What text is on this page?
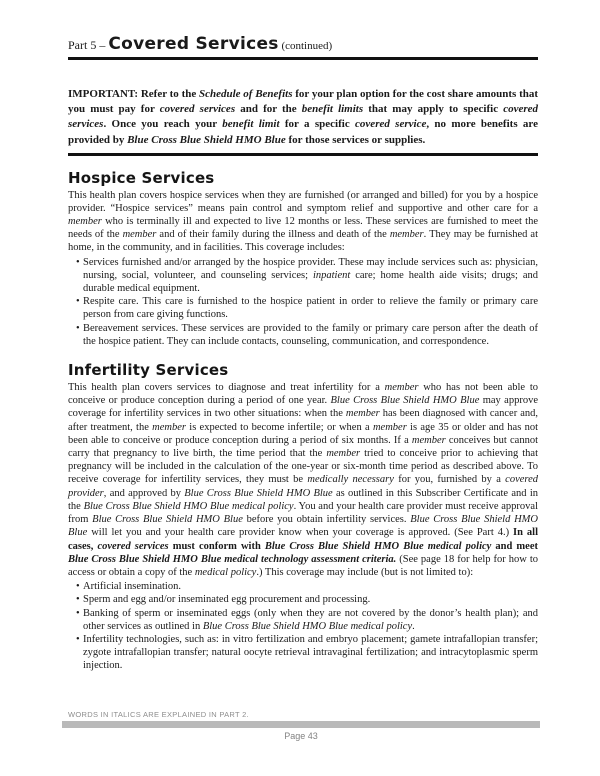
Part 5 – Covered Services (continued)

IMPORTANT: Refer to the Schedule of Benefits for your plan option for the cost share amounts that you must pay for covered services and for the benefit limits that may apply to specific covered services. Once you reach your benefit limit for a specific covered service, no more benefits are provided by Blue Cross Blue Shield HMO Blue for those services or supplies.

Hospice Services

This health plan covers hospice services when they are furnished (or arranged and billed) for you by a hospice provider. “Hospice services” means pain control and symptom relief and supportive and other care for a member who is terminally ill and expected to live 12 months or less. These services are furnished to meet the needs of the member and of their family during the illness and death of the member. They may be furnished at home, in the community, and in facilities. This coverage includes:

• Services furnished and/or arranged by the hospice provider. These may include services such as: physician, nursing, social, volunteer, and counseling services; inpatient care; home health aide visits; drugs; and durable medical equipment.
• Respite care. This care is furnished to the hospice patient in order to relieve the family or primary care person from care giving functions.
• Bereavement services. These services are provided to the family or primary care person after the death of the hospice patient. They can include contacts, counseling, communication, and correspondence.
Infertility Services

This health plan covers services to diagnose and treat infertility for a member who has not been able to conceive or produce conception during a period of one year. Blue Cross Blue Shield HMO Blue may approve coverage for infertility services in two other situations: when the member has been diagnosed with cancer and, after treatment, the member is expected to become infertile; or when a member is age 35 or older and has not been able to conceive or produce conception during a period of six months. If a member conceives but cannot carry that pregnancy to live birth, the time period that the member tried to conceive prior to achieving that pregnancy will be included in the calculation of the one-year or six-month time period as described above. To receive coverage for infertility services, they must be medically necessary for you, furnished by a covered provider, and approved by Blue Cross Blue Shield HMO Blue as outlined in this Subscriber Certificate and in the Blue Cross Blue Shield HMO Blue medical policy. You and your health care provider must receive approval from Blue Cross Blue Shield HMO Blue before you obtain infertility services. Blue Cross Blue Shield HMO Blue will let you and your health care provider know when your coverage is approved. (See Part 4.) In all cases, covered services must conform with Blue Cross Blue Shield HMO Blue medical policy and meet Blue Cross Blue Shield HMO Blue medical technology assessment criteria. (See page 18 for help for how to access or obtain a copy of the medical policy.) This coverage may include (but is not limited to):

• Artificial insemination.
• Sperm and egg and/or inseminated egg procurement and processing.
• Banking of sperm or inseminated eggs (only when they are not covered by the donor’s health plan); and other services as outlined in Blue Cross Blue Shield HMO Blue medical policy.
• Infertility technologies, such as: in vitro fertilization and embryo placement; gamete intrafallopian transfer; zygote intrafallopian transfer; natural oocyte retrieval intravaginal fertilization; and intracytoplasmic sperm injection.
WORDS IN ITALICS ARE EXPLAINED IN PART 2.
Page 43
